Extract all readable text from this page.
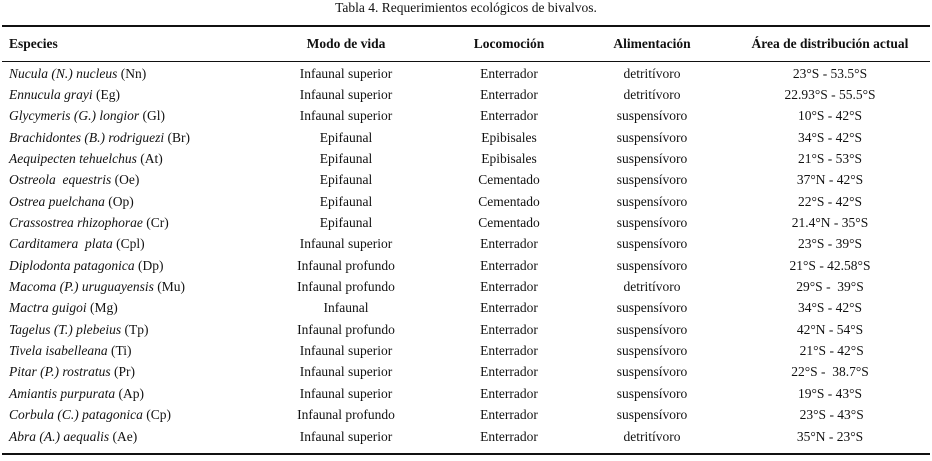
Tabla 4. Requerimientos ecológicos de bivalvos.
Especies	Modo de vida	Locomoción	Alimentación	Área de distribución actual
Nucula (N.) nucleus (Nn)	Infaunal superior	Enterrador	detritívoro	23°S - 53.5°S
Ennucula grayi (Eg)	Infaunal superior	Enterrador	detritívoro	22.93°S - 55.5°S
Glycymeris (G.) longior (Gl)	Infaunal superior	Enterrador	suspensívoro	10°S - 42°S
Brachidontes (B.) rodriguezi (Br)	Epifaunal	Epibisales	suspensívoro	34°S - 42°S
Aequipecten tehuelchus (At)	Epifaunal	Epibisales	suspensívoro	21°S - 53°S
Ostreola  equestris (Oe)	Epifaunal	Cementado	suspensívoro	37°N - 42°S
Ostrea puelchana (Op)	Epifaunal	Cementado	suspensívoro	22°S - 42°S
Crassostrea rhizophorae (Cr)	Epifaunal	Cementado	suspensívoro	21.4°N - 35°S
Carditamera  plata (Cpl)	Infaunal superior	Enterrador	suspensívoro	23°S - 39°S
Diplodonta patagonica (Dp)	Infaunal profundo	Enterrador	suspensívoro	21°S - 42.58°S
Macoma (P.) uruguayensis (Mu)	Infaunal profundo	Enterrador	detritívoro	29°S -  39°S
Mactra guigoi (Mg)	Infaunal	Enterrador	suspensívoro	34°S - 42°S
Tagelus (T.) plebeius (Tp)	Infaunal profundo	Enterrador	suspensívoro	42°N - 54°S
Tivela isabelleana (Ti)	Infaunal superior	Enterrador	suspensívoro	21°S - 42°S
Pitar (P.) rostratus (Pr)	Infaunal superior	Enterrador	suspensívoro	22°S -  38.7°S
Amiantis purpurata (Ap)	Infaunal superior	Enterrador	suspensívoro	19°S - 43°S
Corbula (C.) patagonica (Cp)	Infaunal profundo	Enterrador	suspensívoro	23°S - 43°S
Abra (A.) aequalis (Ae)	Infaunal superior	Enterrador	detritívoro	35°N - 23°S
